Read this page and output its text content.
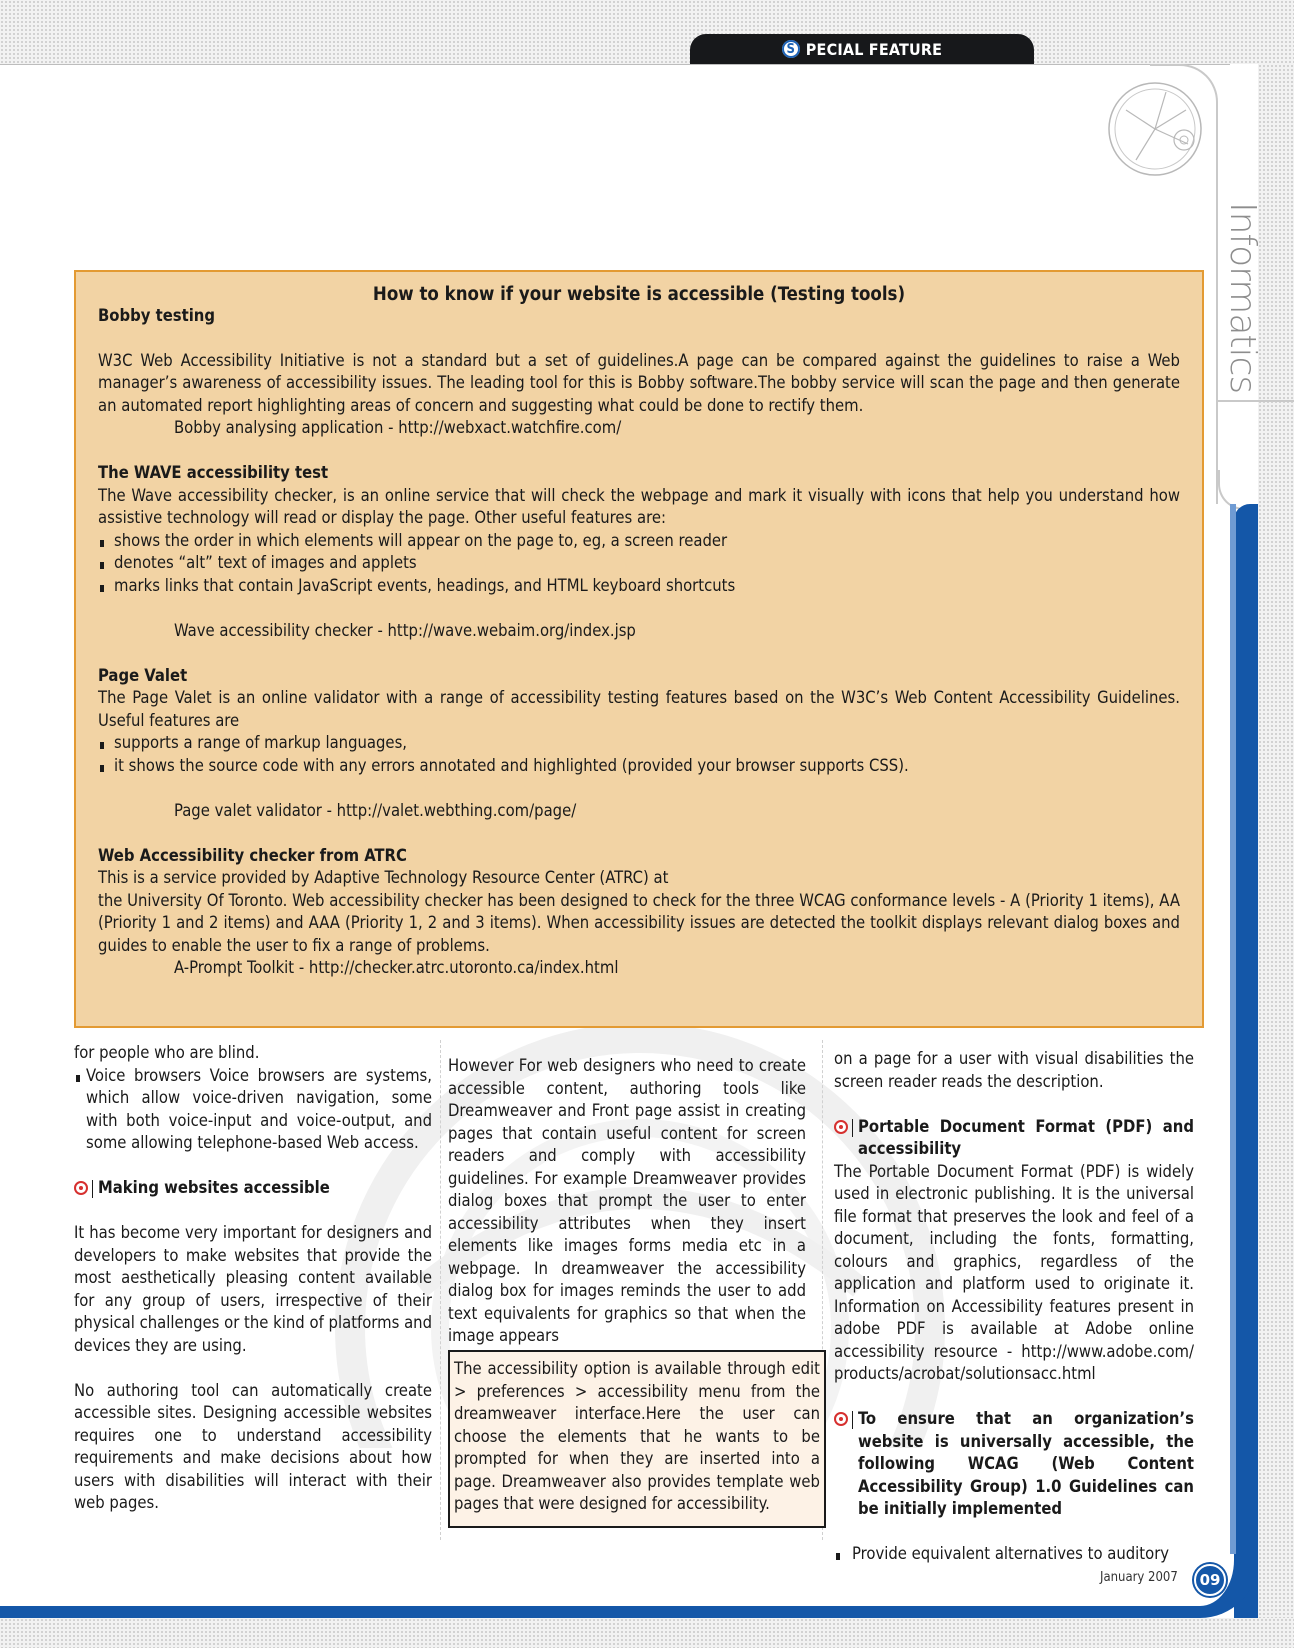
S PECIAL FEATURE
Informatics
How to know if your website is accessible (Testing tools)
Bobby testing
W3C Web Accessibility Initiative is not a standard but a set of guidelines.A page can be compared against the guidelines to raise a Web manager’s awareness of accessibility issues. The leading tool for this is Bobby software.The bobby service will scan the page and then generate an automated report highlighting areas of concern and suggesting what could be done to rectify them.
Bobby analysing application - http://webxact.watchfire.com/
The WAVE accessibility test
The Wave accessibility checker, is an online service that will check the webpage and mark it visually with icons that help you understand how assistive technology will read or display the page. Other useful features are:
shows the order in which elements will appear on the page to, eg, a screen reader
denotes “alt” text of images and applets
marks links that contain JavaScript events, headings, and HTML keyboard shortcuts
Wave accessibility checker - http://wave.webaim.org/index.jsp
Page Valet
The Page Valet is an online validator with a range of accessibility testing features based on the W3C’s Web Content Accessibility Guidelines. Useful features are
supports a range of markup languages,
it shows the source code with any errors annotated and highlighted (provided your browser supports CSS).
Page valet validator - http://valet.webthing.com/page/
Web Accessibility checker from ATRC
This is a service provided by Adaptive Technology Resource Center (ATRC) at
the University Of Toronto. Web accessibility checker has been designed to check for the three WCAG conformance levels - A (Priority 1 items), AA (Priority 1 and 2 items) and AAA (Priority 1, 2 and 3 items). When accessibility issues are detected the toolkit displays relevant dialog boxes and guides to enable the user to fix a range of problems.
A-Prompt Toolkit - http://checker.atrc.utoronto.ca/index.html
for people who are blind.
Voice browsers Voice browsers are systems, which allow voice-driven navigation, some with both voice-input and voice-output, and some allowing telephone-based Web access.
Making websites accessible
It has become very important for designers and developers to make websites that provide the most aesthetically pleasing content available for any group of users, irrespective of their physical challenges or the kind of platforms and devices they are using.
No authoring tool can automatically create accessible sites. Designing accessible websites requires one to understand accessibility requirements and make decisions about how users with disabilities will interact with their web pages.
However For web designers who need to create accessible content, authoring tools like Dreamweaver and Front page assist in creating pages that contain useful content for screen readers and comply with accessibility guidelines. For example Dreamweaver provides dialog boxes that prompt the user to enter accessibility attributes when they insert elements like images forms media etc in a webpage. In dreamweaver the accessibility dialog box for images reminds the user to add text equivalents for graphics so that when the image appears
The accessibility option is available through edit > preferences > accessibility menu from the dreamweaver interface.Here the user can choose the elements that he wants to be prompted for when they are inserted into a page. Dreamweaver also provides template web pages that were designed for accessibility.
on a page for a user with visual disabilities the screen reader reads the description.
Portable Document Format (PDF) and accessibility
The Portable Document Format (PDF) is widely used in electronic publishing. It is the universal file format that preserves the look and feel of a document, including the fonts, formatting, colours and graphics, regardless of the application and platform used to originate it. Information on Accessibility features present in adobe PDF is available at Adobe online accessibility resource - http://www.adobe.com/ products/acrobat/solutionsacc.html
To ensure that an organization’s website is universally accessible, the following WCAG (Web Content Accessibility Group) 1.0 Guidelines can be initially implemented
Provide equivalent alternatives to auditory
January 2007	09
